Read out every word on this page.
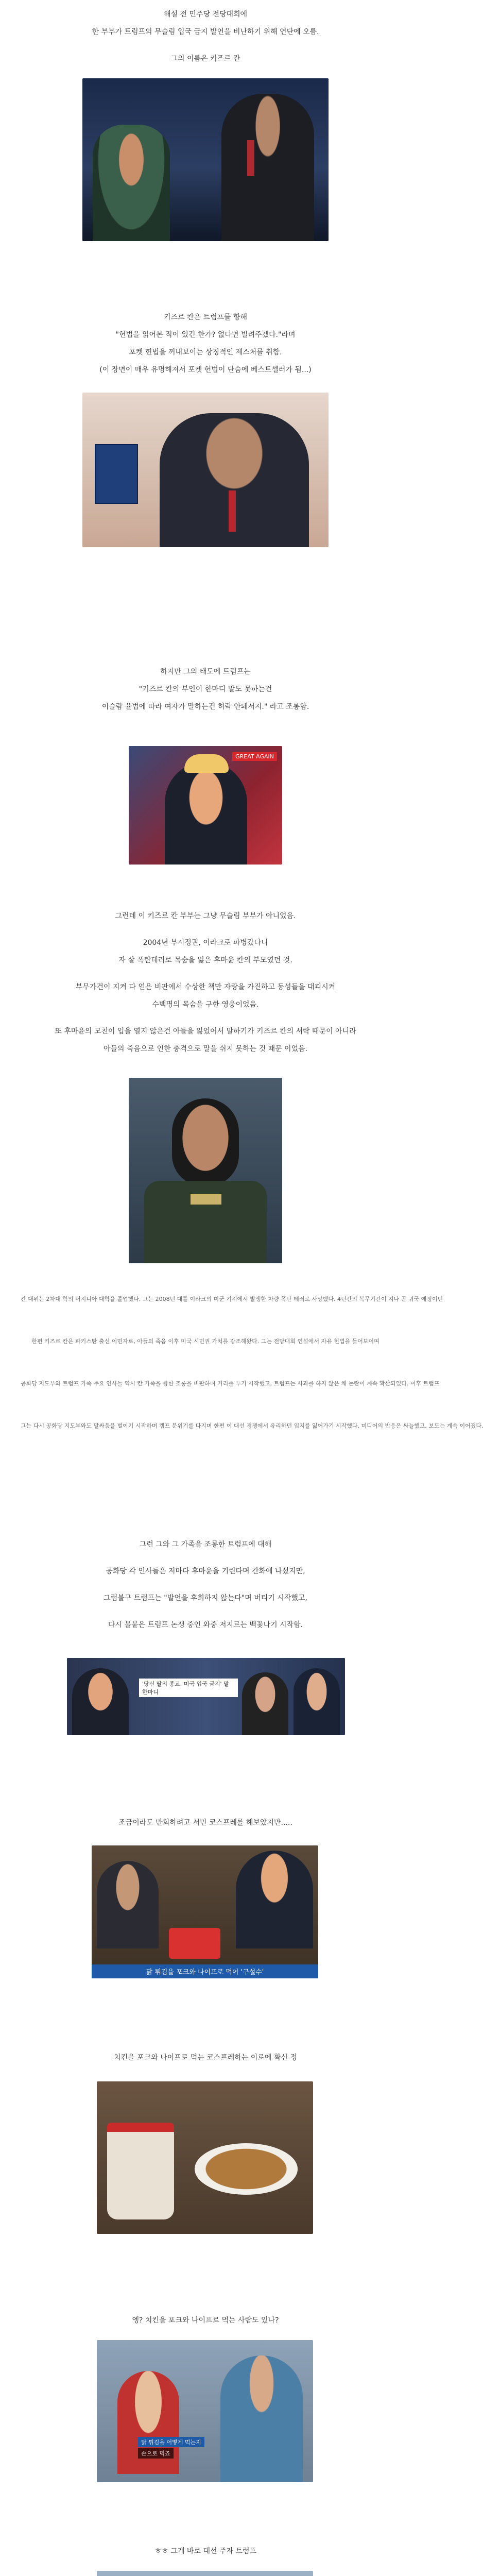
해설 전 민주당 전당대회에
한 부부가 트럼프의 무슬림 입국 금지 발언을 비난하기 위해 연단에 오름.
그의 이름은 키즈르 칸
키즈르 칸은 트럼프를 향해
"헌법을 읽어본 적이 있긴 한가? 없다면 빌려주겠다."라며
포켓 헌법을 꺼내보이는 상징적인 제스처를 취함.
(이 장면이 매우 유명해져서 포켓 헌법이 단숨에 베스트셀러가 됨...)
하지만 그의 태도에 트럼프는
"키즈르 칸의 부인이 한마디 말도 못하는건
이슬람 율법에 따라 여자가 말하는건 허락 안돼서지." 라고 조롱함.
GREAT AGAIN
그런데 이 키즈르 칸 부부는 그냥 무슬림 부부가 아니었음.
2004년 부시정권, 이라크로 파병갔다니
자 살 폭탄테러로 목숨을 잃은 후마윤 칸의 부모였던 것.
부무가건이 지켜 다 얻은 비판에서 수상한 책만 자랑을 가진하고 동성들을 대피시켜
수백명의 목숨을 구한 영웅이었음.
또 후마윤의 모친이 입을 열지 않은건 아들을 잃었어서 말하기가 키즈르 칸의 셔락 때문이 아니라
아들의 죽음으로 인한 충격으로 말을 쉬지 못하는 것 때문 이었음.
칸 대위는 2차대 학의 버지니아 대학을 졸업했다. 그는 2008년 대를 이라크의 미군 기지에서 발생한 차량 폭탄 테러로 사망했다. 4년간의 복무기간이 지나 곧 귀국 예정이던
한편 키즈르 칸은 파키스탄 출신 이민자로, 아들의 죽음 이후 미국 시민권 가치를 강조해왔다. 그는 전당대회 연설에서 자유 헌법을 들어보이며
공화당 지도부와 트럼프 가족 주요 인사들 역시 칸 가족을 향한 조롱을 비판하며 거리를 두기 시작했고, 트럼프는 사과를 하지 않은 채 논란이 계속 확산되었다. 이후 트럼프
그는 다시 공화당 지도부와도 말싸움을 벌이기 시작하며 캠프 분위기를 다지며 한편 이 대선 경쟁에서 유리하던 입지를 잃어가기 시작했다. 미디어의 반응은 싸늘했고, 보도는 계속 이어졌다.
그런 그와 그 가족을 조롱한 트럼프에 대해
공화당 각 인사들은 저마다 후마윤을 기린다며 간화에 나섰지만,
그럼불구 트럼프는 "발언을 후회하지 않는다"며 버티기 시작했고,
다시 불붙은 트럼프 논쟁 중인 와중 저지르는 백꽃나기 시작함.
'당신 딸의 종교, 미국 입국 금지' 말 한마디
조금이라도 만회하려고 서민 코스프레를 해보았지만.....
닭 튀김을 포크와 나이프로 먹어 '구설수'
치킨을 포크와 나이프로 먹는 코스프레하는 이로에 확신 정
엥? 치킨을 포크와 나이프로 먹는 사람도 있나?
닭 튀김을 어떻게 먹는지
손으로 먹죠
ㅎㅎ 그게 바로 대선 주자 트럼프
